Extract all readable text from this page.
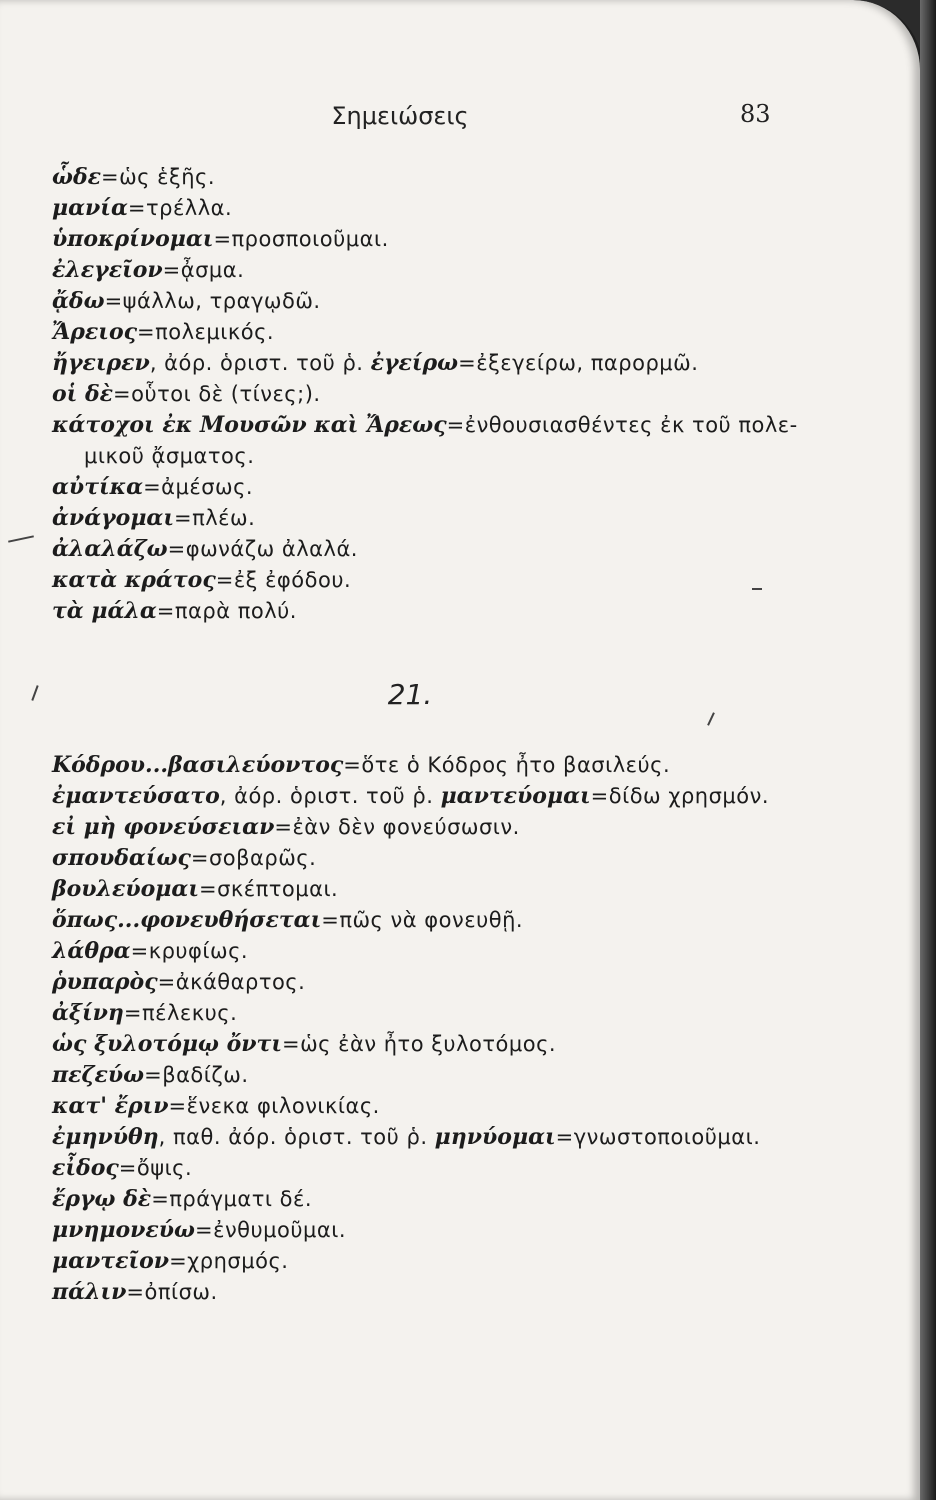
Σημειώσεις	83
ὧδε=ὡς ἑξῆς.
μανία=τρέλλα.
ὑποκρίνομαι=προσποιοῦμαι.
ἐλεγεῖον=ᾆσμα.
ᾄδω=ψάλλω, τραγῳδῶ.
Ἄρειος=πολεμικός.
ἤγειρεν, ἀόρ. ὁριστ. τοῦ ῥ. ἐγείρω=ἐξεγείρω, παρορμῶ.
οἱ δὲ=οὗτοι δὲ (τίνες;).
κάτοχοι ἐκ Μουσῶν καὶ Ἄρεως=ἐνθουσιασθέντες ἐκ τοῦ πολε-
μικοῦ ᾄσματος.
αὐτίκα=ἀμέσως.
ἀνάγομαι=πλέω.
ἀλαλάζω=φωνάζω ἀλαλά.
κατὰ κράτος=ἐξ ἐφόδου.
τὰ μάλα=παρὰ πολύ.
21.
Κόδρου...βασιλεύοντος=ὅτε ὁ Κόδρος ἦτο βασιλεύς.
ἐμαντεύσατο, ἀόρ. ὁριστ. τοῦ ῥ. μαντεύομαι=δίδω χρησμόν.
εἰ μὴ φονεύσειαν=ἐὰν δὲν φονεύσωσιν.
σπουδαίως=σοβαρῶς.
βουλεύομαι=σκέπτομαι.
ὅπως...φονευθήσεται=πῶς νὰ φονευθῇ.
λάθρα=κρυφίως.
ῥυπαρὸς=ἀκάθαρτος.
ἀξίνη=πέλεκυς.
ὡς ξυλοτόμῳ ὄντι=ὡς ἐὰν ἦτο ξυλοτόμος.
πεζεύω=βαδίζω.
κατ' ἔριν=ἕνεκα φιλονικίας.
ἐμηνύθη, παθ. ἀόρ. ὁριστ. τοῦ ῥ. μηνύομαι=γνωστοποιοῦμαι.
εἶδος=ὄψις.
ἔργῳ δὲ=πράγματι δέ.
μνημονεύω=ἐνθυμοῦμαι.
μαντεῖον=χρησμός.
πάλιν=ὀπίσω.
